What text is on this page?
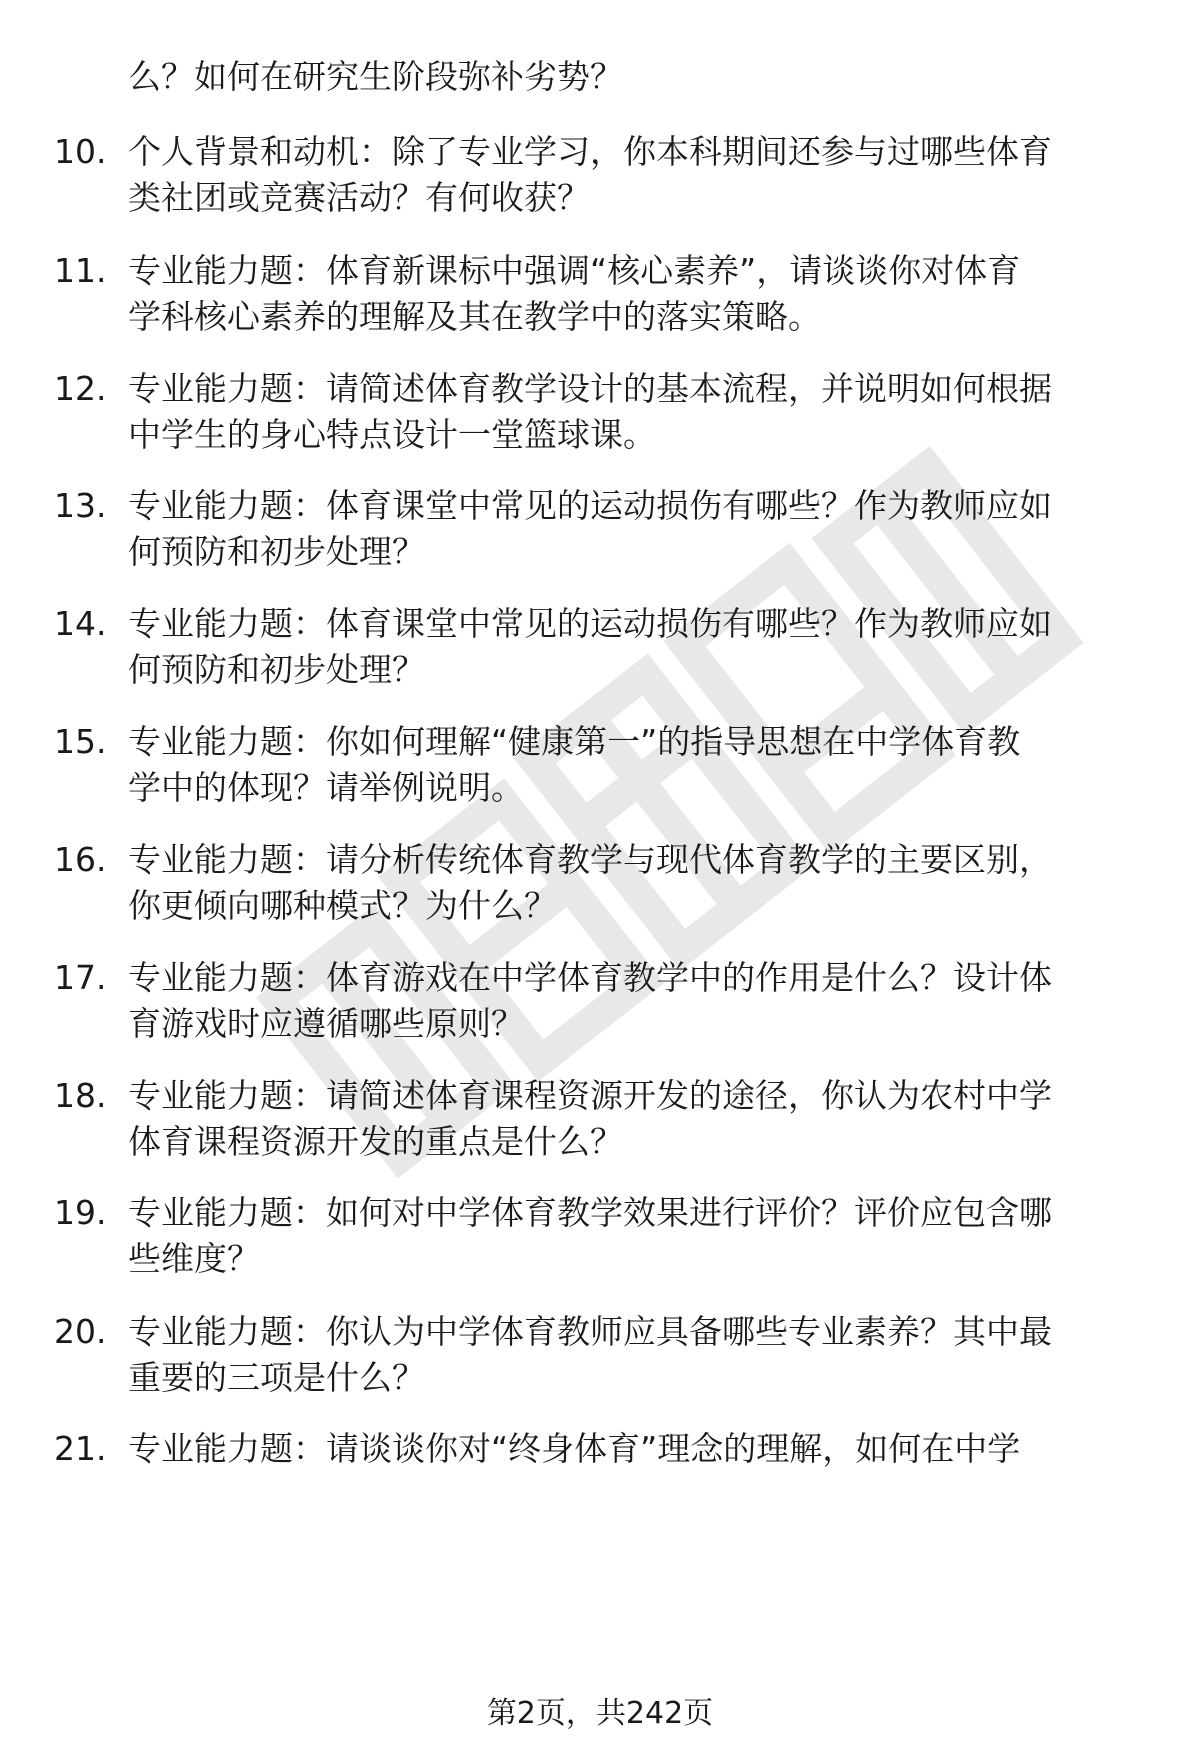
么？如何在研究生阶段弥补劣势？
10. 个人背景和动机：除了专业学习，你本科期间还参与过哪些体育
类社团或竞赛活动？有何收获？
11. 专业能力题：体育新课标中强调“核心素养”，请谈谈你对体育
学科核心素养的理解及其在教学中的落实策略。
12. 专业能力题：请简述体育教学设计的基本流程，并说明如何根据
中学生的身心特点设计一堂篮球课。
13. 专业能力题：体育课堂中常见的运动损伤有哪些？作为教师应如
何预防和初步处理？
14. 专业能力题：体育课堂中常见的运动损伤有哪些？作为教师应如
何预防和初步处理？
15. 专业能力题：你如何理解“健康第一”的指导思想在中学体育教
学中的体现？请举例说明。
16. 专业能力题：请分析传统体育教学与现代体育教学的主要区别，
你更倾向哪种模式？为什么？
17. 专业能力题：体育游戏在中学体育教学中的作用是什么？设计体
育游戏时应遵循哪些原则？
18. 专业能力题：请简述体育课程资源开发的途径，你认为农村中学
体育课程资源开发的重点是什么？
19. 专业能力题：如何对中学体育教学效果进行评价？评价应包含哪
些维度？
20. 专业能力题：你认为中学体育教师应具备哪些专业素养？其中最
重要的三项是什么？
21. 专业能力题：请谈谈你对“终身体育”理念的理解，如何在中学
第2页，共242页
